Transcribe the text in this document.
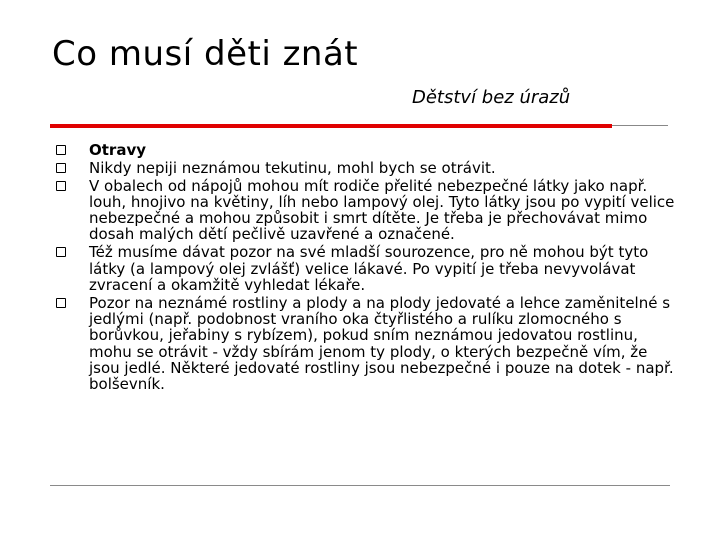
Co musí děti znát
Dětství bez úrazů
Otravy
Nikdy nepiji neznámou tekutinu, mohl bych se otrávit.
V obalech od nápojů mohou mít rodiče přelité nebezpečné látky jako např. louh, hnojivo na květiny, líh nebo lampový olej. Tyto látky jsou po vypití velice nebezpečné a mohou způsobit i smrt dítěte. Je třeba je přechovávat mimo dosah malých dětí pečlivě uzavřené a označené.
Též musíme dávat pozor na své mladší sourozence, pro ně mohou být tyto látky (a lampový olej zvlášť) velice lákavé. Po vypití je třeba nevyvolávat zvracení a okamžitě vyhledat lékaře.
Pozor na neznámé rostliny a plody a na plody jedovaté a lehce zaměnitelné s jedlými (např. podobnost vraního oka čtyřlistého a rulíku zlomocného s borůvkou, jeřabiny s rybízem), pokud sním neznámou jedovatou rostlinu, mohu se otrávit - vždy sbírám jenom ty plody, o kterých bezpečně vím, že jsou jedlé. Některé jedovaté rostliny jsou nebezpečné i pouze na dotek - např. bolševník.
